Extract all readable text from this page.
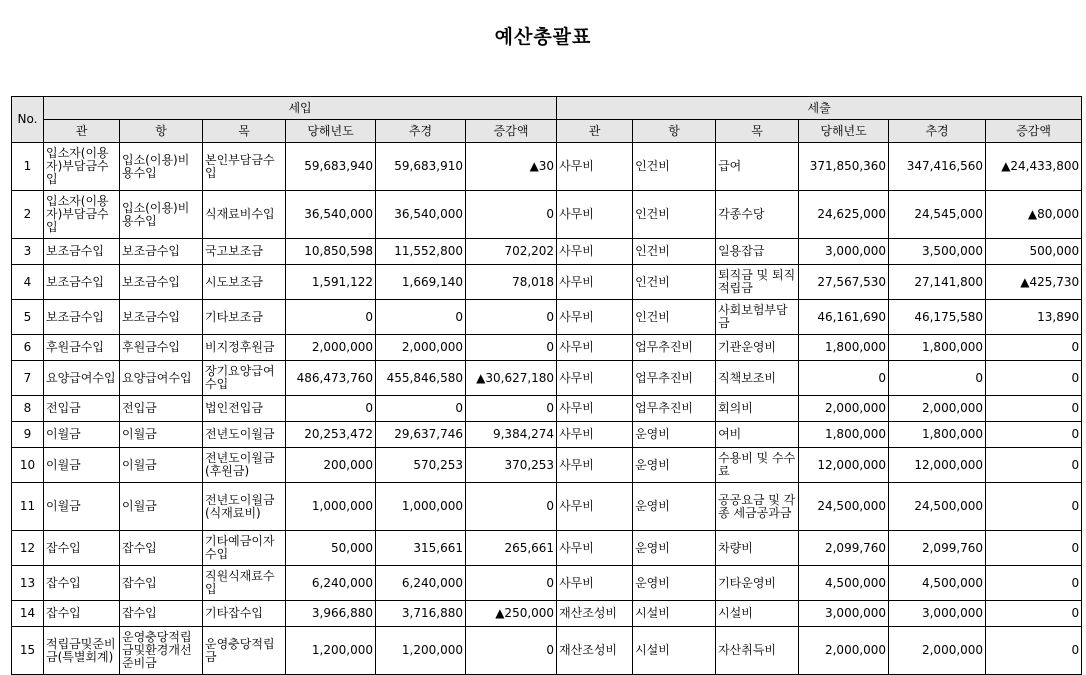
예산총괄표
No.	세입						세출					
	관	항	목	당해년도	추경	증감액	관	항	목	당해년도	추경	증감액
1	입소자(이용자)부담금수입	입소(이용)비용수입	본인부담금수입	59,683,940	59,683,910	▲30	사무비	인건비	급여	371,850,360	347,416,560	▲24,433,800
2	입소자(이용자)부담금수입	입소(이용)비용수입	식재료비수입	36,540,000	36,540,000	0	사무비	인건비	각종수당	24,625,000	24,545,000	▲80,000
3	보조금수입	보조금수입	국고보조금	10,850,598	11,552,800	702,202	사무비	인건비	일용잡급	3,000,000	3,500,000	500,000
4	보조금수입	보조금수입	시도보조금	1,591,122	1,669,140	78,018	사무비	인건비	퇴직금 및 퇴직적립금	27,567,530	27,141,800	▲425,730
5	보조금수입	보조금수입	기타보조금	0	0	0	사무비	인건비	사회보험부담금	46,161,690	46,175,580	13,890
6	후원금수입	후원금수입	비지정후원금	2,000,000	2,000,000	0	사무비	업무추진비	기관운영비	1,800,000	1,800,000	0
7	요양급여수입	요양급여수입	장기요양급여수입	486,473,760	455,846,580	▲30,627,180	사무비	업무추진비	직책보조비	0	0	0
8	전입금	전입금	법인전입금	0	0	0	사무비	업무추진비	회의비	2,000,000	2,000,000	0
9	이월금	이월금	전년도이월금	20,253,472	29,637,746	9,384,274	사무비	운영비	여비	1,800,000	1,800,000	0
10	이월금	이월금	전년도이월금(후원금)	200,000	570,253	370,253	사무비	운영비	수용비 및 수수료	12,000,000	12,000,000	0
11	이월금	이월금	전년도이월금(식재료비)	1,000,000	1,000,000	0	사무비	운영비	공공요금 및 각종 세금공과금	24,500,000	24,500,000	0
12	잡수입	잡수입	기타예금이자수입	50,000	315,661	265,661	사무비	운영비	차량비	2,099,760	2,099,760	0
13	잡수입	잡수입	직원식재료수입	6,240,000	6,240,000	0	사무비	운영비	기타운영비	4,500,000	4,500,000	0
14	잡수입	잡수입	기타잡수입	3,966,880	3,716,880	▲250,000	재산조성비	시설비	시설비	3,000,000	3,000,000	0
15	적립금및준비금(특별회계)	운영충당적립금및환경개선준비금	운영충당적립금	1,200,000	1,200,000	0	재산조성비	시설비	자산취득비	2,000,000	2,000,000	0
